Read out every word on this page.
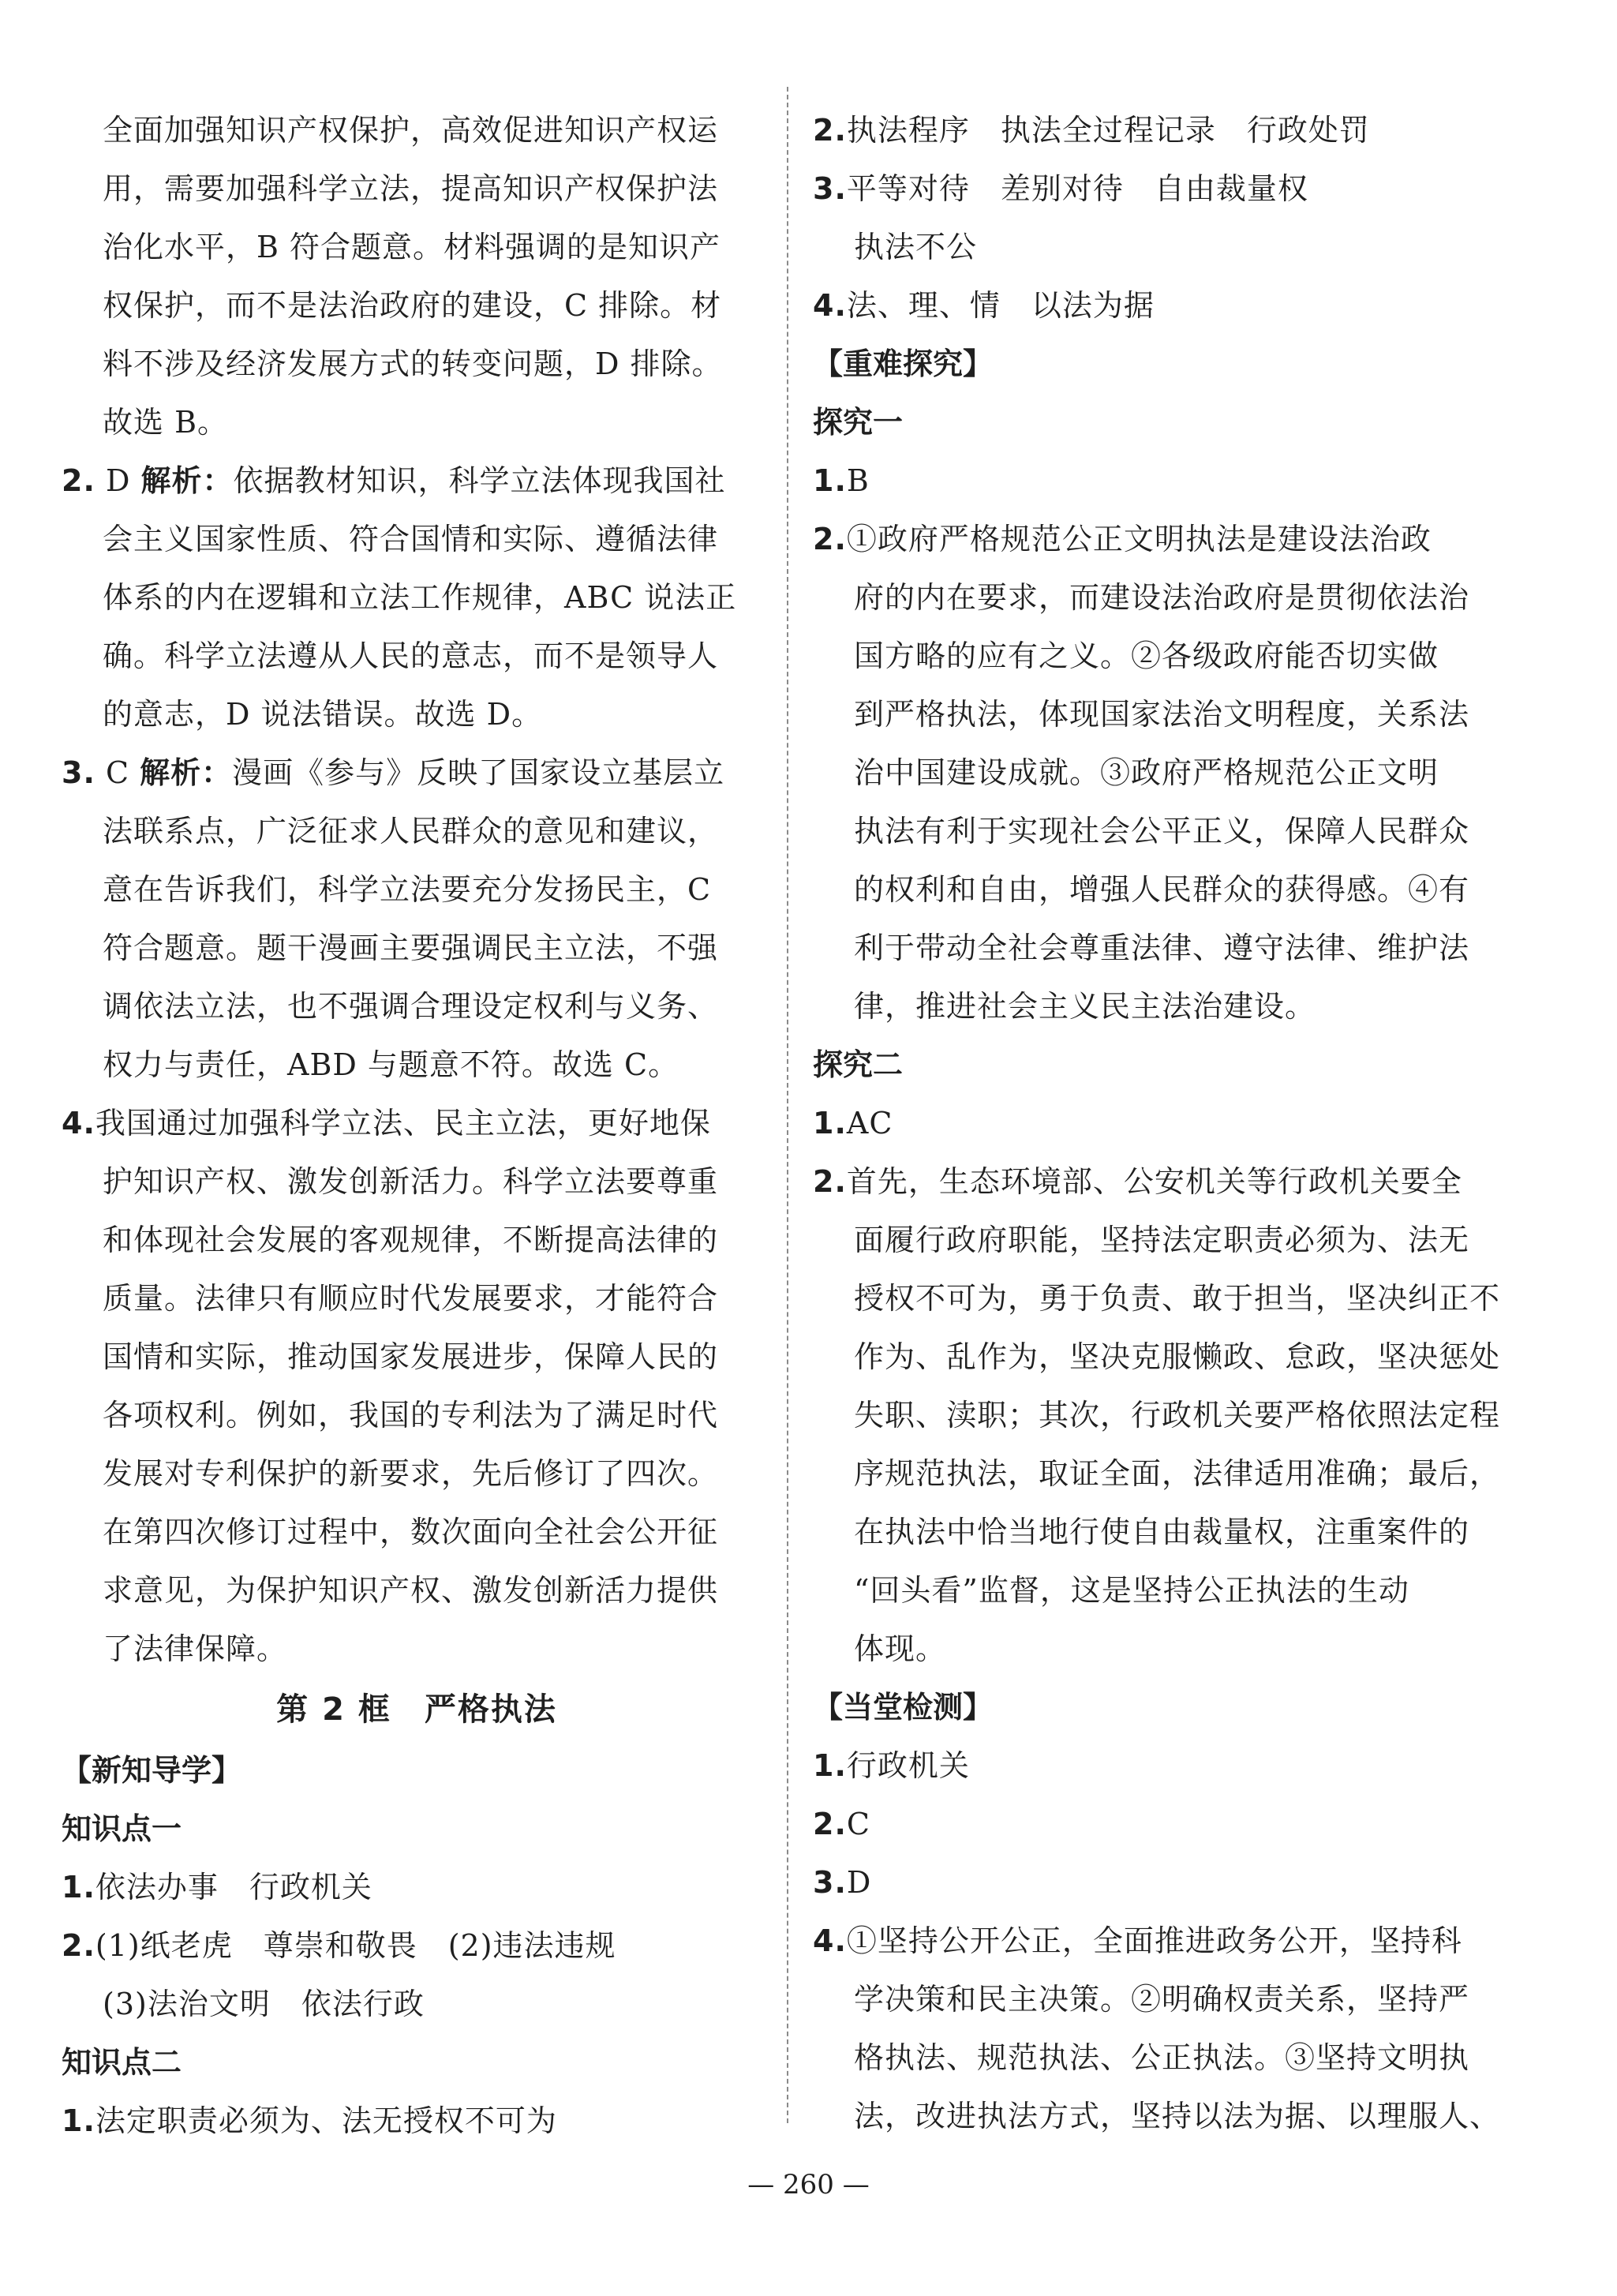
全面加强知识产权保护，高效促进知识产权运
用，需要加强科学立法，提高知识产权保护法
治化水平，B 符合题意。材料强调的是知识产
权保护，而不是法治政府的建设，C 排除。材
料不涉及经济发展方式的转变问题，D 排除。
故选 B。
2. D 解析：依据教材知识，科学立法体现我国社
会主义国家性质、符合国情和实际、遵循法律
体系的内在逻辑和立法工作规律，ABC 说法正
确。科学立法遵从人民的意志，而不是领导人
的意志，D 说法错误。故选 D。
3. C 解析：漫画《参与》反映了国家设立基层立
法联系点，广泛征求人民群众的意见和建议，
意在告诉我们，科学立法要充分发扬民主，C
符合题意。题干漫画主要强调民主立法，不强
调依法立法，也不强调合理设定权利与义务、
权力与责任，ABD 与题意不符。故选 C。
4.我国通过加强科学立法、民主立法，更好地保
护知识产权、激发创新活力。科学立法要尊重
和体现社会发展的客观规律，不断提高法律的
质量。法律只有顺应时代发展要求，才能符合
国情和实际，推动国家发展进步，保障人民的
各项权利。例如，我国的专利法为了满足时代
发展对专利保护的新要求，先后修订了四次。
在第四次修订过程中，数次面向全社会公开征
求意见，为保护知识产权、激发创新活力提供
了法律保障。
第 2 框　严格执法
【新知导学】
知识点一
1.依法办事　行政机关
2.(1)纸老虎　尊崇和敬畏　(2)违法违规
(3)法治文明　依法行政
知识点二
1.法定职责必须为、法无授权不可为
2.执法程序　执法全过程记录　行政处罚
3.平等对待　差别对待　自由裁量权
执法不公
4.法、理、情　以法为据
【重难探究】
探究一
1.B
2.①政府严格规范公正文明执法是建设法治政
府的内在要求，而建设法治政府是贯彻依法治
国方略的应有之义。②各级政府能否切实做
到严格执法，体现国家法治文明程度，关系法
治中国建设成就。③政府严格规范公正文明
执法有利于实现社会公平正义，保障人民群众
的权利和自由，增强人民群众的获得感。④有
利于带动全社会尊重法律、遵守法律、维护法
律，推进社会主义民主法治建设。
探究二
1.AC
2.首先，生态环境部、公安机关等行政机关要全
面履行政府职能，坚持法定职责必须为、法无
授权不可为，勇于负责、敢于担当，坚决纠正不
作为、乱作为，坚决克服懒政、怠政，坚决惩处
失职、渎职；其次，行政机关要严格依照法定程
序规范执法，取证全面，法律适用准确；最后，
在执法中恰当地行使自由裁量权，注重案件的
“回头看”监督，这是坚持公正执法的生动
体现。
【当堂检测】
1.行政机关
2.C
3.D
4.①坚持公开公正，全面推进政务公开，坚持科
学决策和民主决策。②明确权责关系，坚持严
格执法、规范执法、公正执法。③坚持文明执
法，改进执法方式，坚持以法为据、以理服人、
— 260 —
